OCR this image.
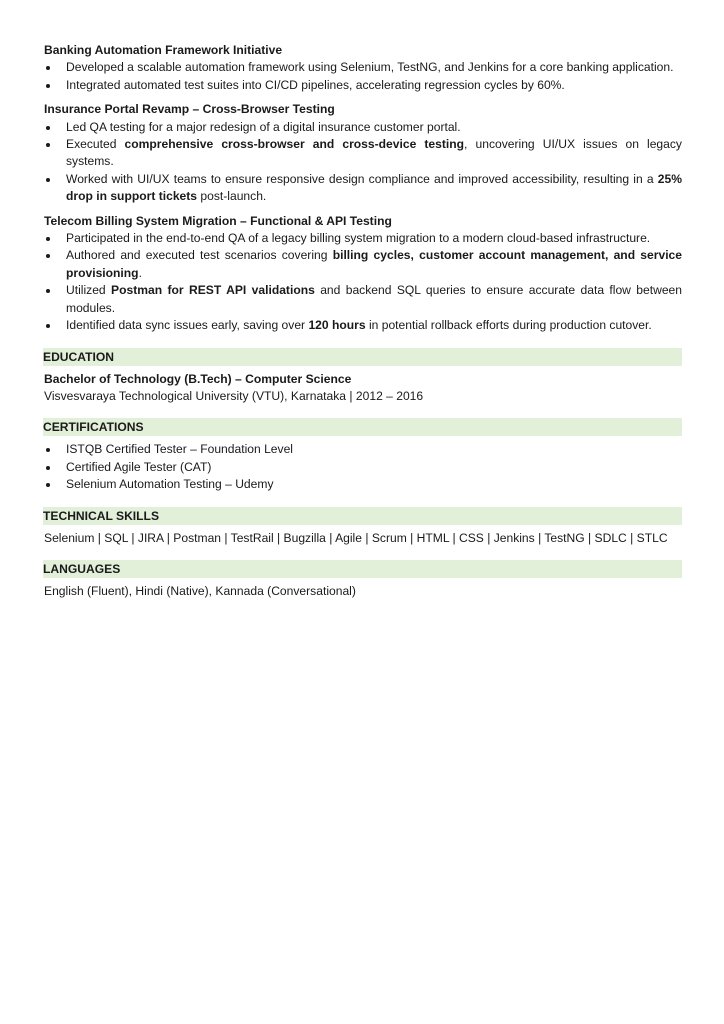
Banking Automation Framework Initiative

Developed a scalable automation framework using Selenium, TestNG, and Jenkins for a core banking application.
Integrated automated test suites into CI/CD pipelines, accelerating regression cycles by 60%.

Insurance Portal Revamp – Cross-Browser Testing

Led QA testing for a major redesign of a digital insurance customer portal.
Executed comprehensive cross-browser and cross-device testing, uncovering UI/UX issues on legacy systems.
Worked with UI/UX teams to ensure responsive design compliance and improved accessibility, resulting in a 25% drop in support tickets post-launch.

Telecom Billing System Migration – Functional & API Testing

Participated in the end-to-end QA of a legacy billing system migration to a modern cloud-based infrastructure.
Authored and executed test scenarios covering billing cycles, customer account management, and service provisioning.
Utilized Postman for REST API validations and backend SQL queries to ensure accurate data flow between modules.
Identified data sync issues early, saving over 120 hours in potential rollback efforts during production cutover.
EDUCATION

Bachelor of Technology (B.Tech) – Computer Science

Visvesvaraya Technological University (VTU), Karnataka | 2012 – 2016

CERTIFICATIONS
ISTQB Certified Tester – Foundation Level
Certified Agile Tester (CAT)
Selenium Automation Testing – Udemy
TECHNICAL SKILLS

Selenium | SQL | JIRA | Postman | TestRail | Bugzilla | Agile | Scrum | HTML | CSS | Jenkins | TestNG | SDLC | STLC

LANGUAGES

English (Fluent), Hindi (Native), Kannada (Conversational)
